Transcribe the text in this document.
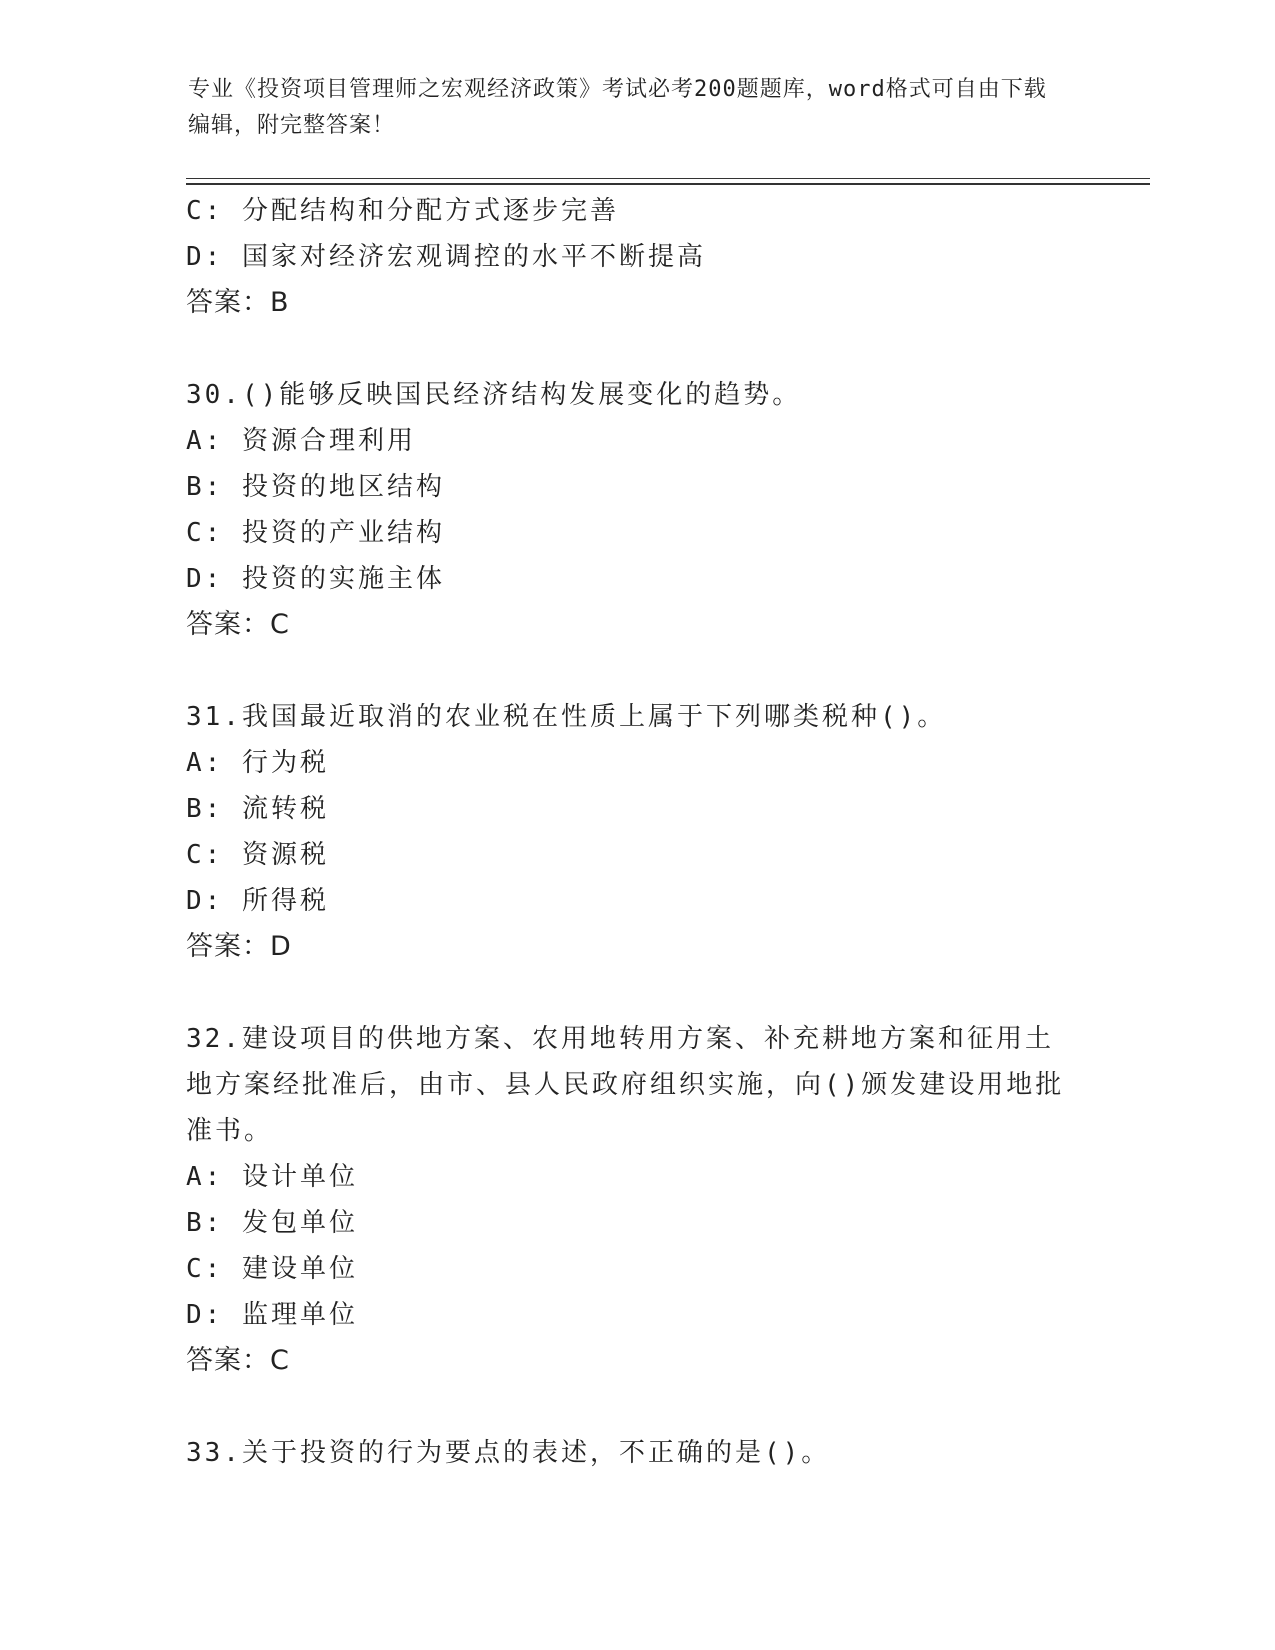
专业《投资项目管理师之宏观经济政策》考试必考200题题库，word格式可自由下载编辑，附完整答案！
C: 分配结构和分配方式逐步完善
D: 国家对经济宏观调控的水平不断提高
答案：B
30.()能够反映国民经济结构发展变化的趋势。
A: 资源合理利用
B: 投资的地区结构
C: 投资的产业结构
D: 投资的实施主体
答案：C
31.我国最近取消的农业税在性质上属于下列哪类税种()。
A: 行为税
B: 流转税
C: 资源税
D: 所得税
答案：D
32.建设项目的供地方案、农用地转用方案、补充耕地方案和征用土地方案经批准后，由市、县人民政府组织实施，向()颁发建设用地批准书。
A: 设计单位
B: 发包单位
C: 建设单位
D: 监理单位
答案：C
33.关于投资的行为要点的表述，不正确的是()。
